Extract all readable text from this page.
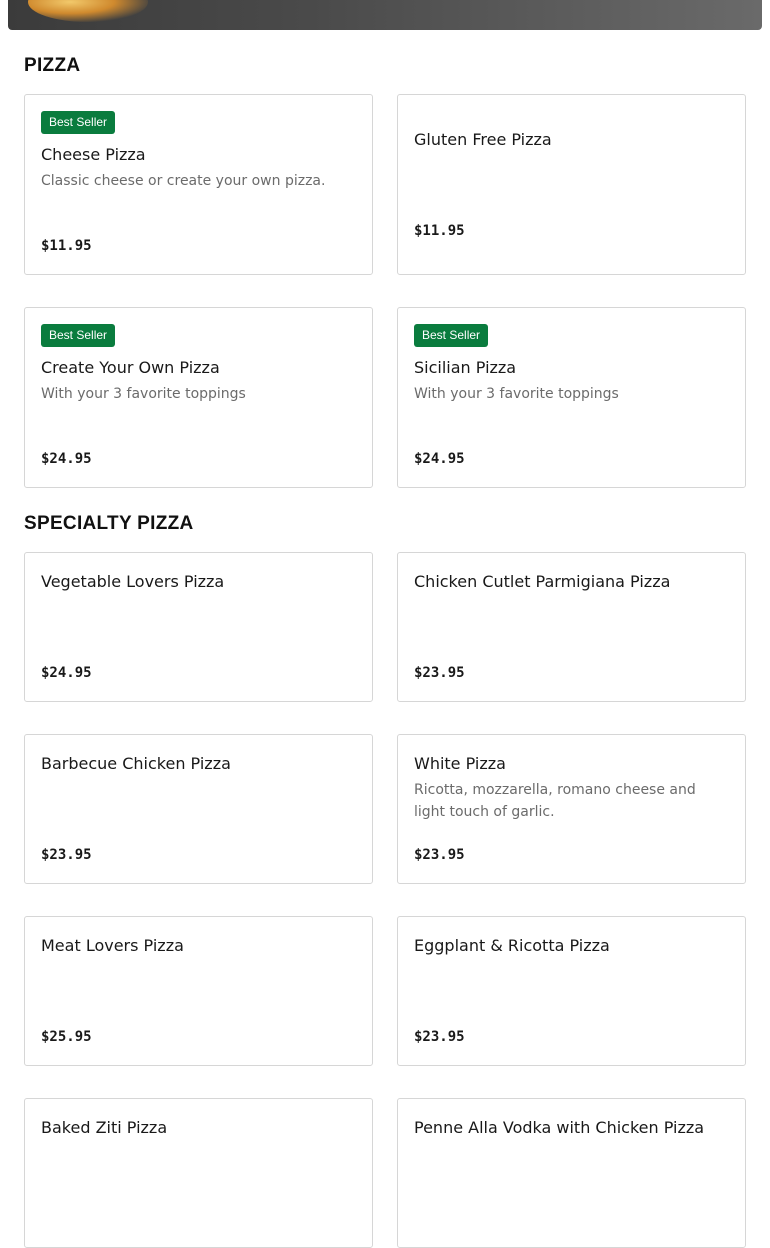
PIZZA
Best Seller

Cheese Pizza

Classic cheese or create your own pizza.

$11.95

Gluten Free Pizza

$11.95

Best Seller

Create Your Own Pizza

With your 3 favorite toppings

$24.95

Best Seller

Sicilian Pizza

With your 3 favorite toppings

$24.95

SPECIALTY PIZZA

Vegetable Lovers Pizza

$24.95

Chicken Cutlet Parmigiana Pizza

$23.95

Barbecue Chicken Pizza

$23.95

White Pizza

Ricotta, mozzarella, romano cheese and light touch of garlic.

$23.95

Meat Lovers Pizza

$25.95

Eggplant & Ricotta Pizza

$23.95

Baked Ziti Pizza	Penne Alla Vodka with Chicken Pizza
